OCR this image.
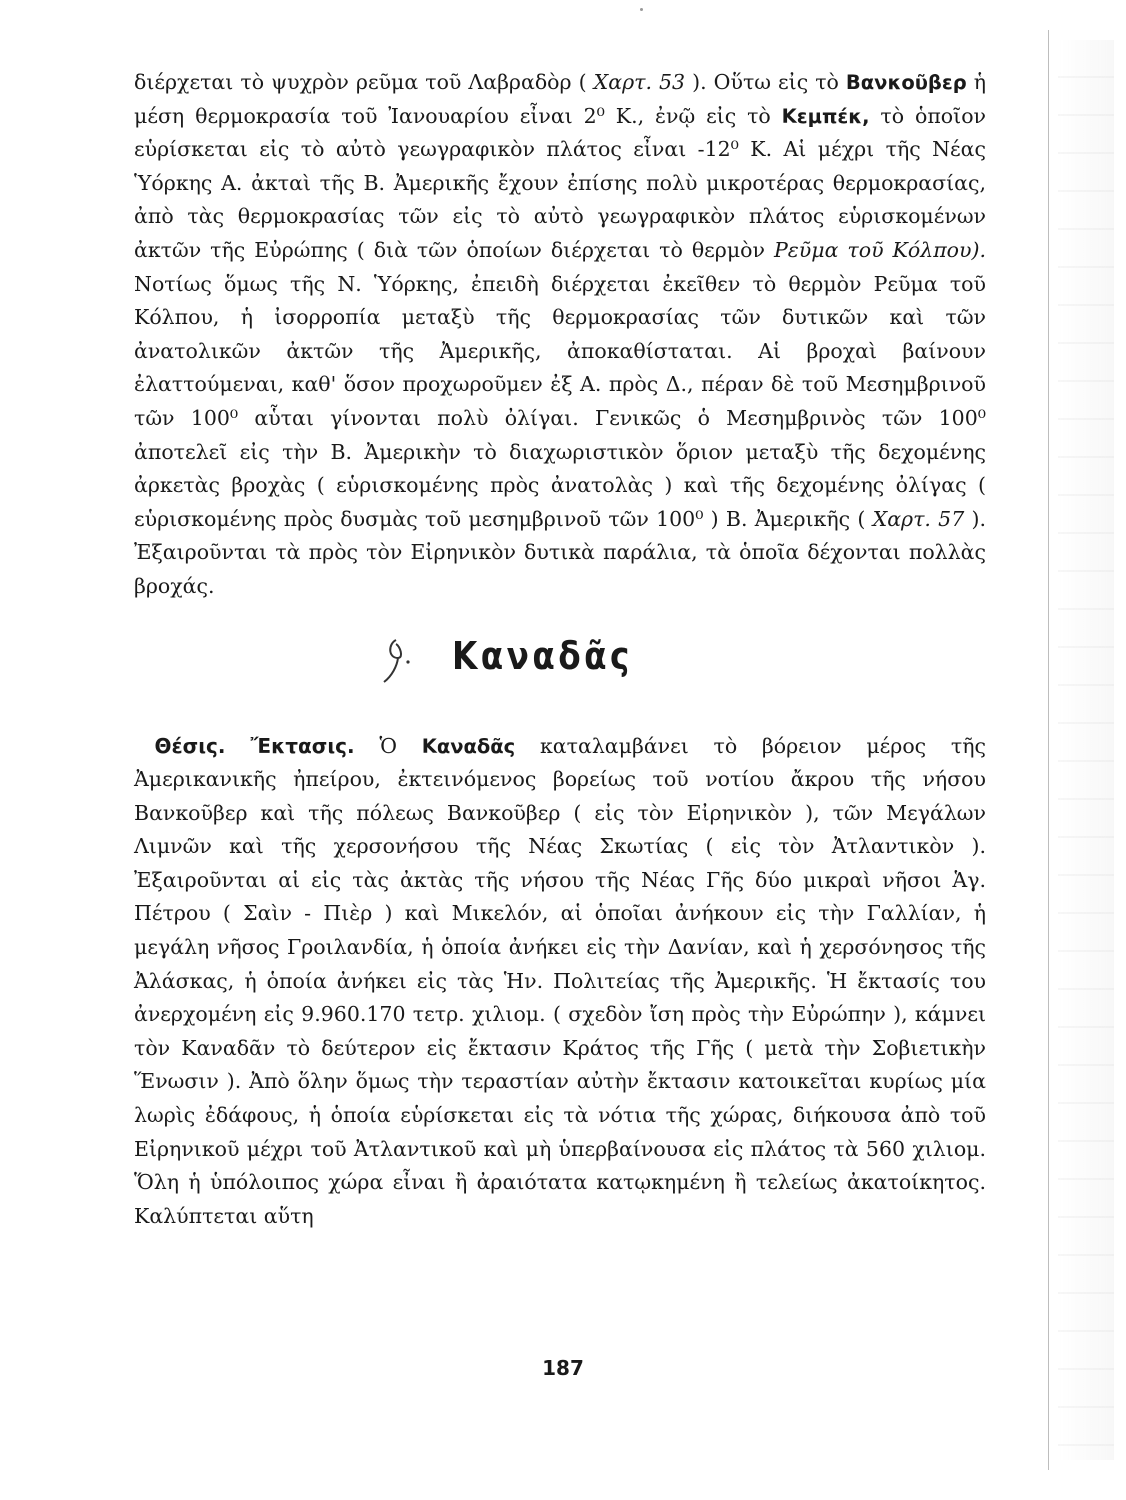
διέρχεται τὸ ψυχρὸν ρεῦμα τοῦ Λαβραδὸρ ( Χαρτ. 53 ). Οὕτω εἰς τὸ Βανκοῦβερ ἡ μέση θερμοκρασία τοῦ Ἰανουαρίου εἶναι 2⁰ Κ., ἐνῷ εἰς τὸ Κεμπέκ, τὸ ὁποῖον εὑρίσκεται εἰς τὸ αὐτὸ γεωγραφικὸν πλάτος εἶναι -12⁰ Κ. Αἱ μέχρι τῆς Νέας Ὑόρκης Α. ἀκταὶ τῆς Β. Ἀμερικῆς ἔχουν ἐπίσης πολὺ μικροτέρας θερμοκρασίας, ἀπὸ τὰς θερμοκρασίας τῶν εἰς τὸ αὐτὸ γεωγραφικὸν πλάτος εὑρισκομένων ἀκτῶν τῆς Εὐρώπης ( διὰ τῶν ὁποίων διέρχεται τὸ θερμὸν Ρεῦμα τοῦ Κόλπου). Νοτίως ὅμως τῆς Ν. Ὑόρκης, ἐπειδὴ διέρχεται ἐκεῖθεν τὸ θερμὸν Ρεῦμα τοῦ Κόλπου, ἡ ἰσορροπία μεταξὺ τῆς θερμοκρασίας τῶν δυτικῶν καὶ τῶν ἀνατολικῶν ἀκτῶν τῆς Ἀμερικῆς, ἀποκαθίσταται. Αἱ βροχαὶ βαίνουν ἐλαττούμεναι, καθ' ὅσον προχωροῦμεν ἐξ Α. πρὸς Δ., πέραν δὲ τοῦ Μεσημβρινοῦ τῶν 100⁰ αὗται γίνονται πολὺ ὀλίγαι. Γενικῶς ὁ Μεσημβρινὸς τῶν 100⁰ ἀποτελεῖ εἰς τὴν Β. Ἀμερικὴν τὸ διαχωριστικὸν ὅριον μεταξὺ τῆς δεχομένης ἀρκετὰς βροχὰς ( εὑρισκομένης πρὸς ἀνατολὰς ) καὶ τῆς δεχομένης ὀλίγας ( εὑρισκομένης πρὸς δυσμὰς τοῦ μεσημβρινοῦ τῶν 100⁰ ) Β. Ἀμερικῆς ( Χαρτ. 57 ). Ἐξαιροῦνται τὰ πρὸς τὸν Εἰρηνικὸν δυτικὰ παράλια, τὰ ὁποῖα δέχονται πολλὰς βροχάς.

Καναδᾶς

 Θέσις. Ἔκτασις. Ὁ Καναδᾶς καταλαμβάνει τὸ βόρειον μέρος τῆς Ἀμερικανικῆς ἠπείρου, ἐκτεινόμενος βορείως τοῦ νοτίου ἄκρου τῆς νήσου Βανκοῦβερ καὶ τῆς πόλεως Βανκοῦβερ ( εἰς τὸν Εἰρηνικὸν ), τῶν Μεγάλων Λιμνῶν καὶ τῆς χερσονήσου τῆς Νέας Σκωτίας ( εἰς τὸν Ἀτλαντικὸν ). Ἐξαιροῦνται αἱ εἰς τὰς ἀκτὰς τῆς νήσου τῆς Νέας Γῆς δύο μικραὶ νῆσοι Ἁγ. Πέτρου ( Σαὶν - Πιὲρ ) καὶ Μικελόν, αἱ ὁποῖαι ἀνήκουν εἰς τὴν Γαλλίαν, ἡ μεγάλη νῆσος Γροιλανδία, ἡ ὁποία ἀνήκει εἰς τὴν Δανίαν, καὶ ἡ χερσόνησος τῆς Ἀλάσκας, ἡ ὁποία ἀνήκει εἰς τὰς Ἡν. Πολιτείας τῆς Ἀμερικῆς. Ἡ ἔκτασίς του ἀνερχομένη εἰς 9.960.170 τετρ. χιλιομ. ( σχεδὸν ἴση πρὸς τὴν Εὐρώπην ), κάμνει τὸν Καναδᾶν τὸ δεύτερον εἰς ἔκτασιν Κράτος τῆς Γῆς ( μετὰ τὴν Σοβιετικὴν Ἕνωσιν ). Ἀπὸ ὅλην ὅμως τὴν τεραστίαν αὐτὴν ἔκτασιν κατοικεῖται κυρίως μία λωρὶς ἐδάφους, ἡ ὁποία εὑρίσκεται εἰς τὰ νότια τῆς χώρας, διήκουσα ἀπὸ τοῦ Εἰρηνικοῦ μέχρι τοῦ Ἀτλαντικοῦ καὶ μὴ ὑπερβαίνουσα εἰς πλάτος τὰ 560 χιλιομ. Ὅλη ἡ ὑπόλοιπος χώρα εἶναι ἢ ἀραιότατα κατῳκημένη ἢ τελείως ἀκατοίκητος. Καλύπτεται αὕτη

187
